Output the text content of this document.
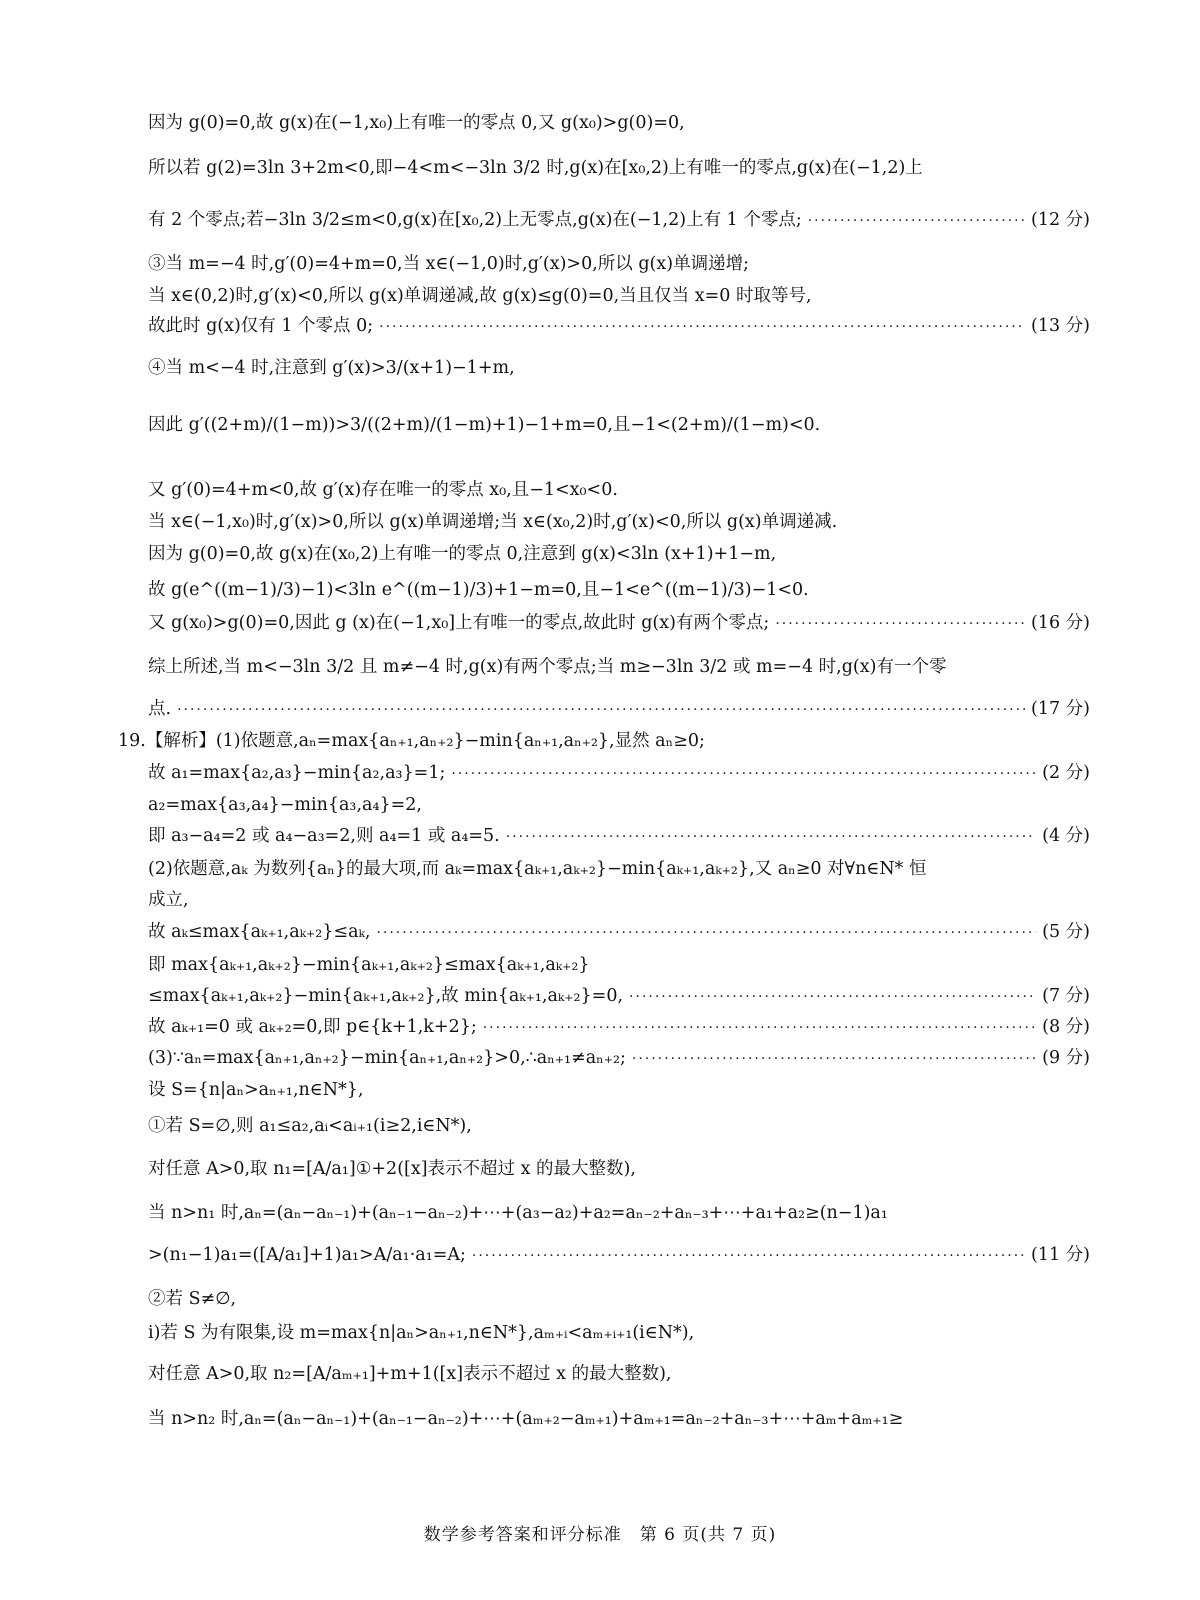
因为 g(0)=0,故 g(x)在(−1,x₀)上有唯一的零点 0,又 g(x₀)>g(0)=0,
所以若 g(2)=3ln 3+2m<0,即−4<m<−3ln 3/2 时,g(x)在[x₀,2)上有唯一的零点,g(x)在(−1,2)上
有 2 个零点;若−3ln 3/2≤m<0,g(x)在[x₀,2)上无零点,g(x)在(−1,2)上有 1 个零点; ·····	(12 分)
③当 m=−4 时,g′(0)=4+m=0,当 x∈(−1,0)时,g′(x)>0,所以 g(x)单调递增;
当 x∈(0,2)时,g′(x)<0,所以 g(x)单调递减,故 g(x)≤g(0)=0,当且仅当 x=0 时取等号,
故此时 g(x)仅有 1 个零点 0; ·····	(13 分)
④当 m<−4 时,注意到 g′(x)>3/(x+1)−1+m,
因此 g′((2+m)/(1−m))>3/((2+m)/(1−m)+1)−1+m=0,且−1<(2+m)/(1−m)<0.
又 g′(0)=4+m<0,故 g′(x)存在唯一的零点 x₀,且−1<x₀<0.
当 x∈(−1,x₀)时,g′(x)>0,所以 g(x)单调递增;当 x∈(x₀,2)时,g′(x)<0,所以 g(x)单调递减.
因为 g(0)=0,故 g(x)在(x₀,2)上有唯一的零点 0,注意到 g(x)<3ln (x+1)+1−m,
故 g(e^((m−1)/3)−1)<3ln e^((m−1)/3)+1−m=0,且−1<e^((m−1)/3)−1<0.
又 g(x₀)>g(0)=0,因此 g (x)在(−1,x₀]上有唯一的零点,故此时 g(x)有两个零点; ·····	(16 分)
综上所述,当 m<−3ln 3/2 且 m≠−4 时,g(x)有两个零点;当 m≥−3ln 3/2 或 m=−4 时,g(x)有一个零
点. ·····	(17 分)
19.【解析】(1)依题意,aₙ=max{aₙ₊₁,aₙ₊₂}−min{aₙ₊₁,aₙ₊₂},显然 aₙ≥0;
故 a₁=max{a₂,a₃}−min{a₂,a₃}=1; ·····	(2 分)
a₂=max{a₃,a₄}−min{a₃,a₄}=2,
即 a₃−a₄=2 或 a₄−a₃=2,则 a₄=1 或 a₄=5. ·····	(4 分)
(2)依题意,aₖ 为数列{aₙ}的最大项,而 aₖ=max{aₖ₊₁,aₖ₊₂}−min{aₖ₊₁,aₖ₊₂},又 aₙ≥0 对∀n∈N* 恒
成立,
故 aₖ≤max{aₖ₊₁,aₖ₊₂}≤aₖ, ·····	(5 分)
即 max{aₖ₊₁,aₖ₊₂}−min{aₖ₊₁,aₖ₊₂}≤max{aₖ₊₁,aₖ₊₂}
≤max{aₖ₊₁,aₖ₊₂}−min{aₖ₊₁,aₖ₊₂},故 min{aₖ₊₁,aₖ₊₂}=0, ·····	(7 分)
故 aₖ₊₁=0 或 aₖ₊₂=0,即 p∈{k+1,k+2}; ·····	(8 分)
(3)∵aₙ=max{aₙ₊₁,aₙ₊₂}−min{aₙ₊₁,aₙ₊₂}>0,∴aₙ₊₁≠aₙ₊₂; ·····	(9 分)
设 S={n|aₙ>aₙ₊₁,n∈N*},
①若 S=∅,则 a₁≤a₂,aᵢ<aᵢ₊₁(i≥2,i∈N*),
对任意 A>0,取 n₁=[A/a₁]①+2([x]表示不超过 x 的最大整数),
当 n>n₁ 时,aₙ=(aₙ−aₙ₋₁)+(aₙ₋₁−aₙ₋₂)+⋯+(a₃−a₂)+a₂=aₙ₋₂+aₙ₋₃+⋯+a₁+a₂≥(n−1)a₁
>(n₁−1)a₁=([A/a₁]+1)a₁>A/a₁·a₁=A; ·····	(11 分)
②若 S≠∅,
ⅰ)若 S 为有限集,设 m=max{n|aₙ>aₙ₊₁,n∈N*},aₘ₊ᵢ<aₘ₊ᵢ₊₁(i∈N*),
对任意 A>0,取 n₂=[A/aₘ₊₁]+m+1([x]表示不超过 x 的最大整数),
当 n>n₂ 时,aₙ=(aₙ−aₙ₋₁)+(aₙ₋₁−aₙ₋₂)+⋯+(aₘ₊₂−aₘ₊₁)+aₘ₊₁=aₙ₋₂+aₙ₋₃+⋯+aₘ+aₘ₊₁≥
数学参考答案和评分标准　第 6 页(共 7 页)
